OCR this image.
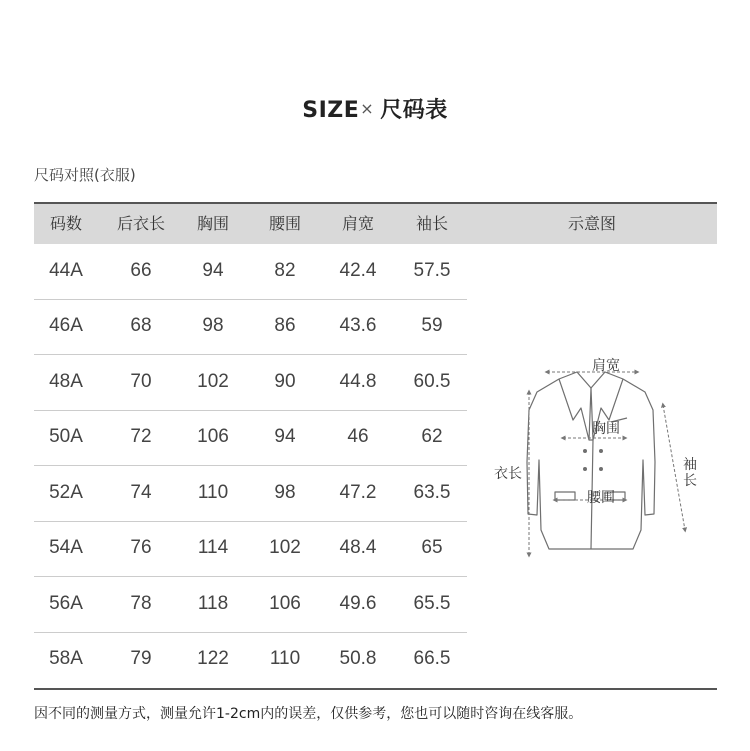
SIZE× 尺码表
尺码对照(衣服)
码数	后衣长	胸围	腰围	肩宽	袖长	示意图
44A	66	94	82	42.4	57.5
46A	68	98	86	43.6	59
48A	70	102	90	44.8	60.5
50A	72	106	94	46	62
52A	74	110	98	47.2	63.5
54A	76	114	102	48.4	65
56A	78	118	106	49.6	65.5
58A	79	122	110	50.8	66.5
肩宽
胸围
腰围
衣长
袖长
因不同的测量方式，测量允许1-2cm内的误差，仅供参考，您也可以随时咨询在线客服。
